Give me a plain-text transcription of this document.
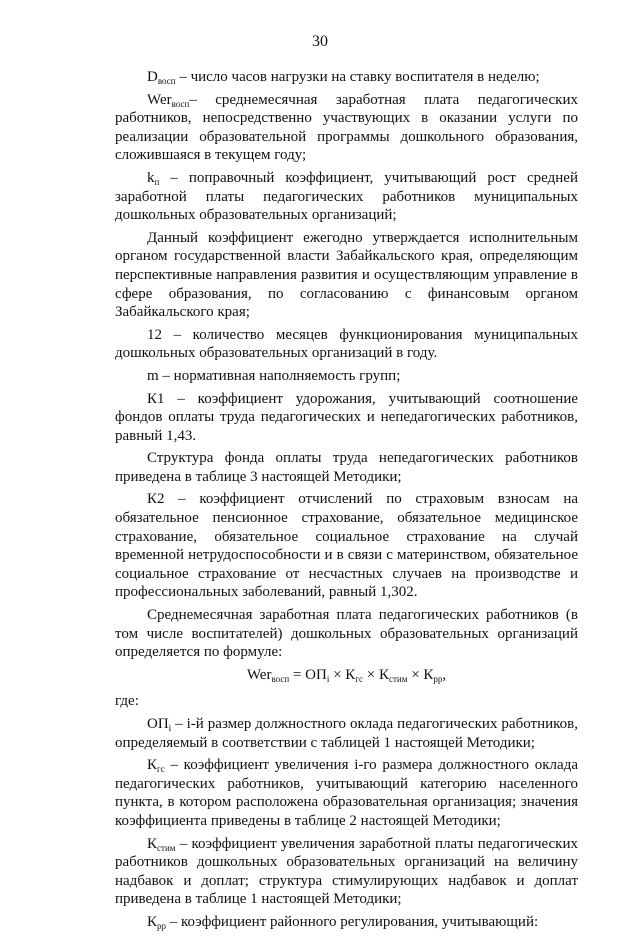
30

$D_{восп}$ – число часов нагрузки на ставку воспитателя в неделю;

Wer$_{восп}$– среднемесячная заработная плата педагогических работников, непосредственно участвующих в оказании услуги по реализации образовательной программы дошкольного образования, сложившаяся в текущем году;

$k_п$ – поправочный коэффициент, учитывающий рост средней заработной платы педагогических работников муниципальных дошкольных образовательных организаций;

Данный коэффициент ежегодно утверждается исполнительным органом государственной власти Забайкальского края, определяющим перспективные направления развития и осуществляющим управление в сфере образования, по согласованию с финансовым органом Забайкальского края;

12 – количество месяцев функционирования муниципальных дошкольных образовательных организаций в году.

m – нормативная наполняемость групп;

К1 – коэффициент удорожания, учитывающий соотношение фондов оплаты труда педагогических и непедагогических работников, равный 1,43.

Структура фонда оплаты труда непедагогических работников приведена в таблице 3 настоящей Методики;

К2 – коэффициент отчислений по страховым взносам на обязательное пенсионное страхование, обязательное медицинское страхование, обязательное социальное страхование на случай временной нетрудоспособности и в связи с материнством, обязательное социальное страхование от несчастных случаев на производстве и профессиональных заболеваний, равный 1,302.

Среднемесячная заработная плата педагогических работников (в том числе воспитателей) дошкольных образовательных организаций определяется по формуле:

$Wer_{восп} = ОП_i \times К_{гс} \times К_{стим} \times К_{рр}$,

где:

$ОП_i - i-й$ размер должностного оклада педагогических работников, определяемый в соответствии с таблицей 1 настоящей Методики;

$К_{гс}$ – коэффициент увеличения i-го размера должностного оклада педагогических работников, учитывающий категорию населенного пункта, в котором расположена образовательная организация; значения коэффициента приведены в таблице 2 настоящей Методики;

$К_{стим}$ – коэффициент увеличения заработной платы педагогических работников дошкольных образовательных организаций на величину надбавок и доплат; структура стимулирующих надбавок и доплат приведена в таблице 1 настоящей Методики;

$К_{рр}$ – коэффициент районного регулирования, учитывающий:
